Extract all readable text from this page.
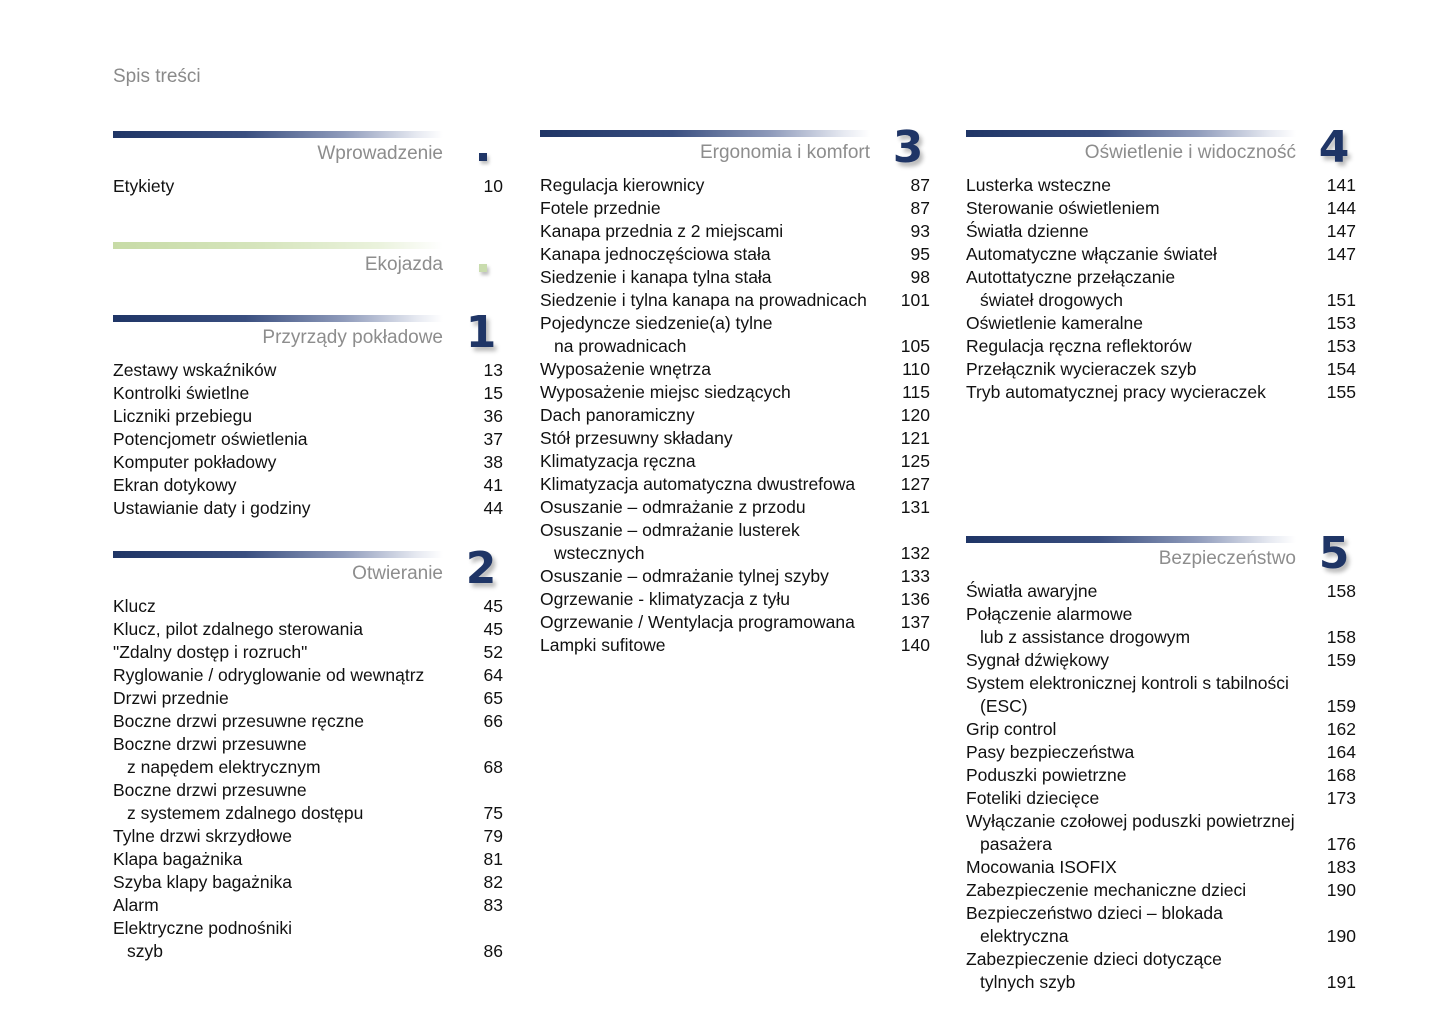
Spis treści
Wprowadzenie
Etykiety	10
Ekojazda
Przyrządy pokładowe 1
Zestawy wskaźników	13
Kontrolki świetlne	15
Liczniki przebiegu	36
Potencjometr oświetlenia	37
Komputer pokładowy	38
Ekran dotykowy	41
Ustawianie daty i godziny	44
Otwieranie 2
Klucz	45
Klucz, pilot zdalnego sterowania	45
"Zdalny dostęp i rozruch"	52
Ryglowanie / odryglowanie od wewnątrz	64
Drzwi przednie	65
Boczne drzwi przesuwne ręczne	66
Boczne drzwi przesuwne
z napędem elektrycznym	68
Boczne drzwi przesuwne
z systemem zdalnego dostępu	75
Tylne drzwi skrzydłowe	79
Klapa bagażnika	81
Szyba klapy bagażnika	82
Alarm	83
Elektryczne podnośniki
szyb	86
Ergonomia i komfort 3
Regulacja kierownicy	87
Fotele przednie	87
Kanapa przednia z 2 miejscami	93
Kanapa jednoczęściowa stała	95
Siedzenie i kanapa tylna stała	98
Siedzenie i tylna kanapa na prowadnicach 101
Pojedyncze siedzenie(a) tylne
na prowadnicach	105
Wyposażenie wnętrza	110
Wyposażenie miejsc siedzących	115
Dach panoramiczny	120
Stół przesuwny składany	121
Klimatyzacja ręczna	125
Klimatyzacja automatyczna dwustrefowa	127
Osuszanie – odmrażanie z przodu	131
Osuszanie – odmrażanie lusterek
wstecznych	132
Osuszanie – odmrażanie tylnej szyby	133
Ogrzewanie - klimatyzacja z tyłu	136
Ogrzewanie / Wentylacja programowana	137
Lampki sufitowe	140
Oświetlenie i widoczność 4
Lusterka wsteczne	141
Sterowanie oświetleniem	144
Światła dzienne	147
Automatyczne włączanie świateł	147
Autottatyczne przełączanie
świateł drogowych	151
Oświetlenie kameralne	153
Regulacja ręczna reflektorów	153
Przełącznik wycieraczek szyb	154
Tryb automatycznej pracy wycieraczek	155
Bezpieczeństwo 5
Światła awaryjne	158
Połączenie alarmowe
lub z assistance drogowym	158
Sygnał dźwiękowy	159
System elektronicznej kontroli s tabilności
(ESC)	159
Grip control	162
Pasy bezpieczeństwa	164
Poduszki powietrzne	168
Foteliki dziecięce	173
Wyłączanie czołowej poduszki powietrznej
pasażera	176
Mocowania ISOFIX	183
Zabezpieczenie mechaniczne dzieci	190
Bezpieczeństwo dzieci – blokada
elektryczna	190
Zabezpieczenie dzieci dotyczące
tylnych szyb	191
